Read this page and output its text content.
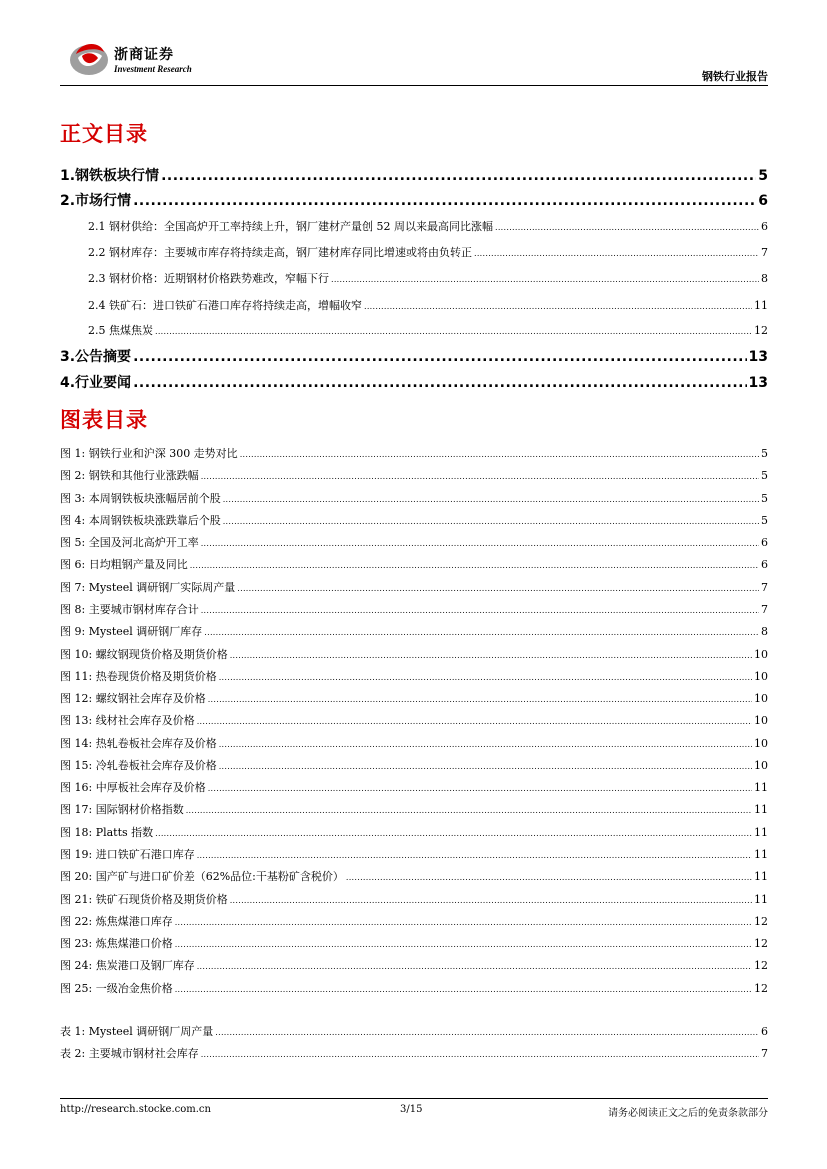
浙商证券
Investment Research
钢铁行业报告
正文目录
1.钢铁板块行情 .....	5
2.市场行情 .....	6
2.1 钢材供给：全国高炉开工率持续上升，钢厂建材产量创 52 周以来最高同比涨幅 .....	6
2.2 钢材库存：主要城市库存将持续走高，钢厂建材库存同比增速或将由负转正 .....	7
2.3 钢材价格：近期钢材价格跌势难改，窄幅下行 .....	8
2.4 铁矿石：进口铁矿石港口库存将持续走高，增幅收窄 .....	11
2.5 焦煤焦炭 .....	12
3.公告摘要 .....	13
4.行业要闻 .....	13
图表目录
图 1: 钢铁行业和沪深 300 走势对比 .....	5
图 2: 钢铁和其他行业涨跌幅 .....	5
图 3: 本周钢铁板块涨幅居前个股 .....	5
图 4: 本周钢铁板块涨跌靠后个股 .....	5
图 5: 全国及河北高炉开工率 .....	6
图 6: 日均粗钢产量及同比 .....	6
图 7: Mysteel 调研钢厂实际周产量 .....	7
图 8: 主要城市钢材库存合计 .....	7
图 9: Mysteel 调研钢厂库存 .....	8
图 10: 螺纹钢现货价格及期货价格 .....	10
图 11: 热卷现货价格及期货价格 .....	10
图 12: 螺纹钢社会库存及价格 .....	10
图 13: 线材社会库存及价格 .....	10
图 14: 热轧卷板社会库存及价格 .....	10
图 15: 冷轧卷板社会库存及价格 .....	10
图 16: 中厚板社会库存及价格 .....	11
图 17: 国际钢材价格指数 .....	11
图 18: Platts 指数 .....	11
图 19: 进口铁矿石港口库存 .....	11
图 20: 国产矿与进口矿价差（62%品位:干基粉矿含税价） .....	11
图 21: 铁矿石现货价格及期货价格 .....	11
图 22: 炼焦煤港口库存 .....	12
图 23: 炼焦煤港口价格 .....	12
图 24: 焦炭港口及钢厂库存 .....	12
图 25: 一级冶金焦价格 .....	12
表 1: Mysteel 调研钢厂周产量 .....	6
表 2: 主要城市钢材社会库存 .....	7
http://research.stocke.com.cn	3/15	请务必阅读正文之后的免责条款部分
